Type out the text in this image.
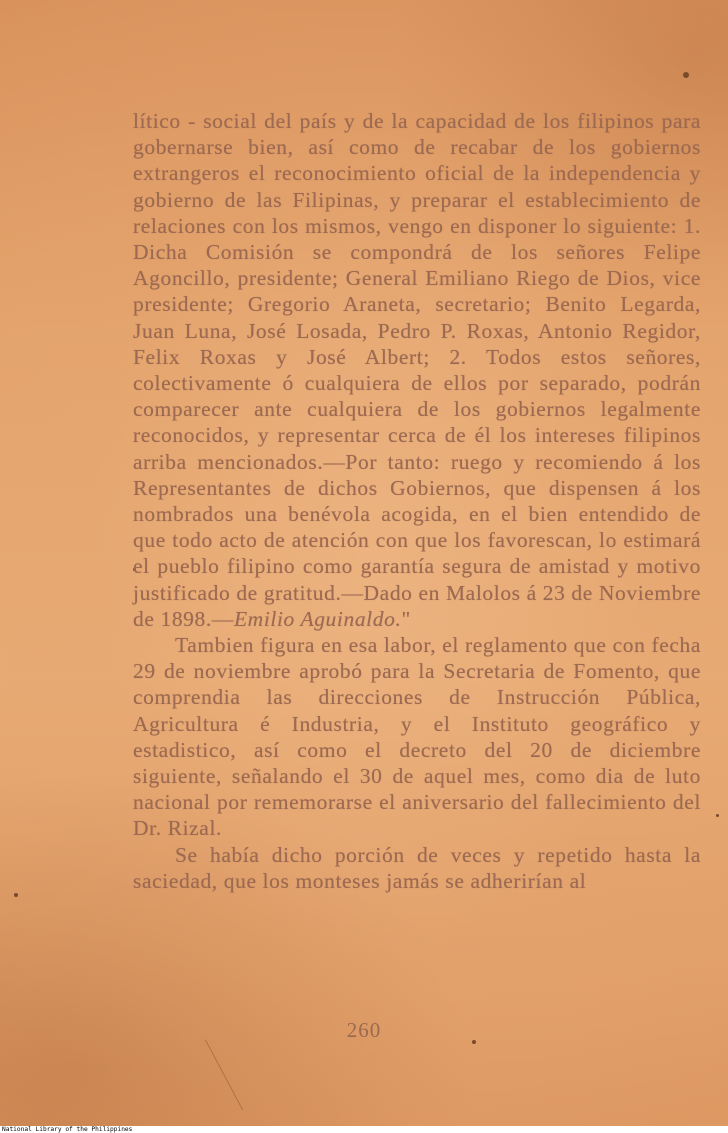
lítico - social del país y de la capacidad de los filipinos para gobernarse bien, así como de recabar de los gobiernos extrangeros el reconocimiento oficial de la independencia y gobierno de las Filipinas, y preparar el establecimiento de relaciones con los mismos, vengo en disponer lo siguiente: 1. Dicha Comisión se compondrá de los señores Felipe Agoncillo, presidente; General Emiliano Riego de Dios, vice presidente; Gregorio Araneta, secretario; Benito Legarda, Juan Luna, José Losada, Pedro P. Roxas, Antonio Regidor, Felix Roxas y José Albert; 2. Todos estos señores, colectivamente ó cualquiera de ellos por separado, podrán comparecer ante cualquiera de los gobiernos legalmente reconocidos, y representar cerca de él los intereses filipinos arriba mencionados.—Por tanto: ruego y recomiendo á los Representantes de dichos Gobiernos, que dispensen á los nombrados una benévola acogida, en el bien entendido de que todo acto de atención con que los favorescan, lo estimará el pueblo filipino como garantía segura de amistad y motivo justificado de gratitud.—Dado en Malolos á 23 de Noviembre de 1898.—Emilio Aguinaldo."

Tambien figura en esa labor, el reglamento que con fecha 29 de noviembre aprobó para la Secretaria de Fomento, que comprendia las direcciones de Instrucción Pública, Agricultura é Industria, y el Instituto geográfico y estadistico, así como el decreto del 20 de diciembre siguiente, señalando el 30 de aquel mes, como dia de luto nacional por rememorarse el aniversario del fallecimiento del Dr. Rizal.

Se había dicho porción de veces y repetido hasta la saciedad, que los monteses jamás se adherirían al

260
National Library of the Philippines
